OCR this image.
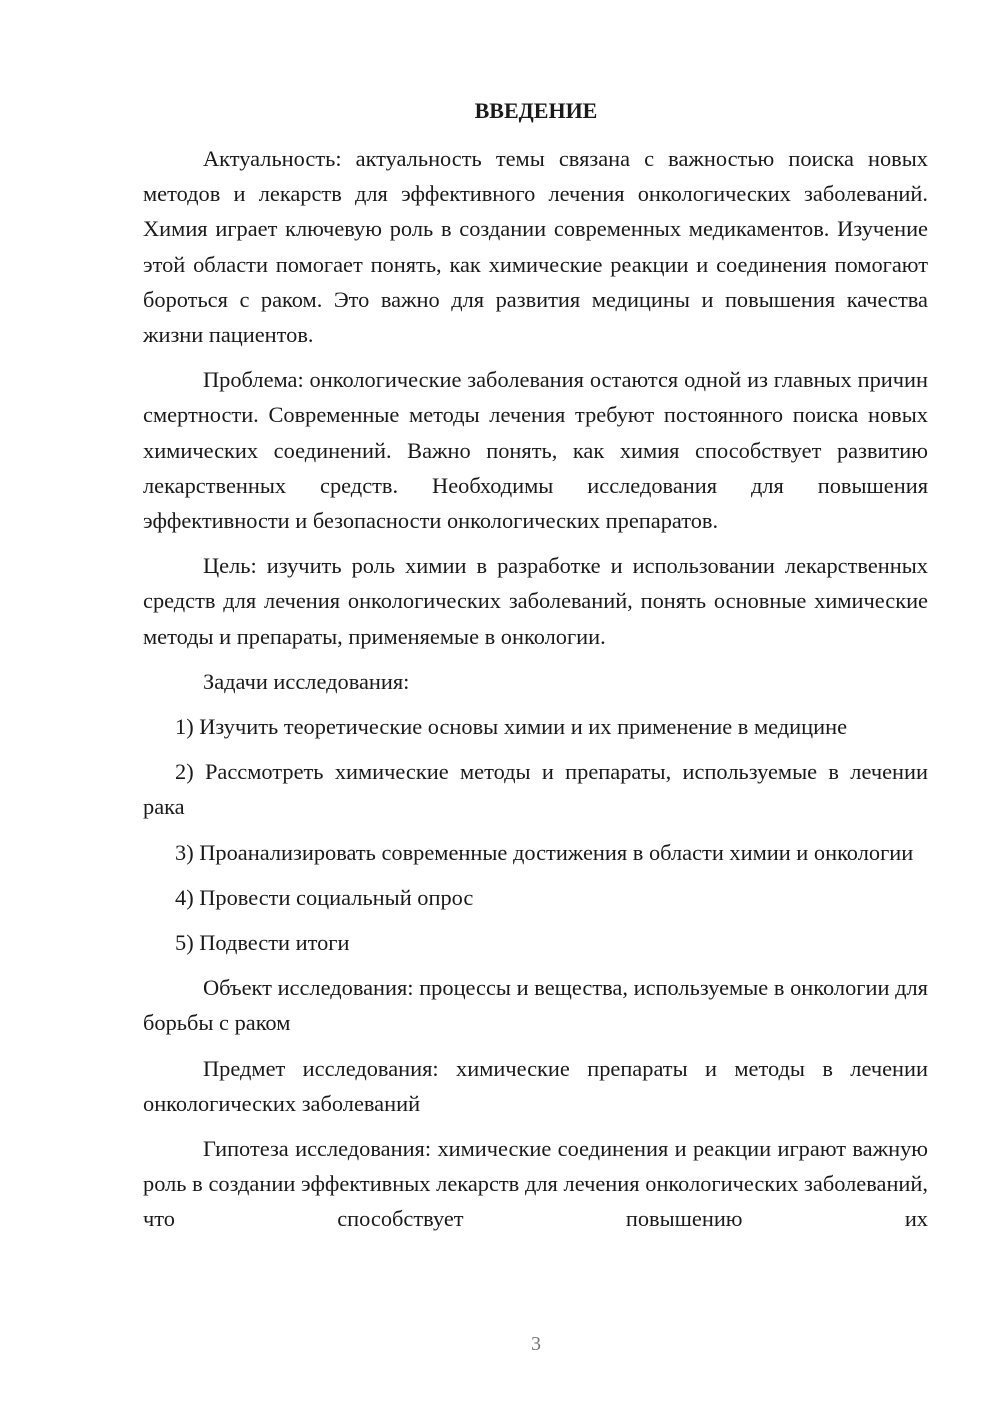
ВВЕДЕНИЕ

Актуальность: актуальность темы связана с важностью поиска новых методов и лекарств для эффективного лечения онкологических заболеваний. Химия играет ключевую роль в создании современных медикаментов. Изучение этой области помогает понять, как химические реакции и соединения помогают бороться с раком. Это важно для развития медицины и повышения качества жизни пациентов.

Проблема: онкологические заболевания остаются одной из главных причин смертности. Современные методы лечения требуют постоянного поиска новых химических соединений. Важно понять, как химия способствует развитию лекарственных средств. Необходимы исследования для повышения эффективности и безопасности онкологических препаратов.

Цель: изучить роль химии в разработке и использовании лекарственных средств для лечения онкологических заболеваний, понять основные химические методы и препараты, применяемые в онкологии.

Задачи исследования:

1) Изучить теоретические основы химии и их применение в медицине

2) Рассмотреть химические методы и препараты, используемые в лечении рака

3) Проанализировать современные достижения в области химии и онкологии

4) Провести социальный опрос

5) Подвести итоги

Объект исследования: процессы и вещества, используемые в онкологии для борьбы с раком

Предмет исследования: химические препараты и методы в лечении онкологических заболеваний

Гипотеза исследования: химические соединения и реакции играют важную роль в создании эффективных лекарств для лечения онкологических заболеваний, что способствует повышению их

3
